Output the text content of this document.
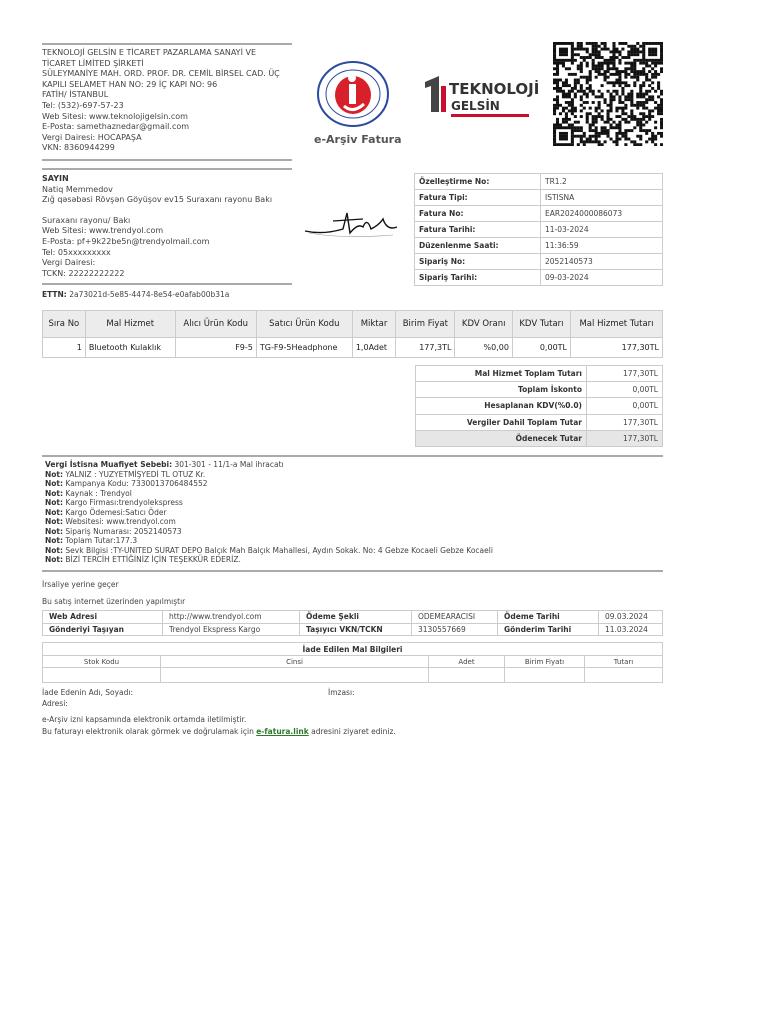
TEKNOLOJİ GELSİN E TİCARET PAZARLAMA SANAYİ VE TİCARET LİMİTED ŞİRKETİ
SÜLEYMANİYE MAH. ORD. PROF. DR. CEMİL BİRSEL CAD. ÜÇ
KAPILI SELAMET HAN NO: 29 İÇ KAPI NO: 96
FATİH/ İSTANBUL
Tel: (532)-697-57-23
Web Sitesi: www.teknolojigelsin.com
E-Posta: samethaznedar@gmail.com
Vergi Dairesi: HOCAPAŞA
VKN: 8360944299
e-Arşiv Fatura
TEKNOLOJİ
GELSİN
SAYIN
Natiq Memmedov
Zığ qəsəbəsi Rövşən Göyüşov ev15 Suraxanı rayonu Bakı
Suraxanı rayonu/ Bakı
Web Sitesi: www.trendyol.com
E-Posta: pf+9k22be5n@trendyolmail.com
Tel: 05xxxxxxxxx
Vergi Dairesi:
TCKN: 22222222222
Özelleştirme No:	TR1.2
Fatura Tipi:	ISTISNA
Fatura No:	EAR2024000086073
Fatura Tarihi:	11-03-2024
Düzenlenme Saati:	11:36:59
Sipariş No:	2052140573
Sipariş Tarihi:	09-03-2024
ETTN: 2a73021d-5e85-4474-8e54-e0afab00b31a
Sıra No	Mal Hizmet	Alıcı Ürün Kodu	Satıcı Ürün Kodu	Miktar	Birim Fiyat	KDV Oranı	KDV Tutarı	Mal Hizmet Tutarı
1	Bluetooth Kulaklık	F9-5	TG-F9-5Headphone	1,0Adet	177,3TL	%0,00	0,00TL	177,30TL
Mal Hizmet Toplam Tutarı	177,30TL
Toplam İskonto	0,00TL
Hesaplanan KDV(%0.0)	0,00TL
Vergiler Dahil Toplam Tutar	177,30TL
Ödenecek Tutar	177,30TL
Vergi İstisna Muafiyet Sebebi: 301-301 - 11/1-a Mal ihracatı
Not: YALNIZ : YUZYETMİŞYEDİ TL OTUZ Kr.
Not: Kampanya Kodu: 7330013706484552
Not: Kaynak : Trendyol
Not: Kargo Firması:trendyolekspress
Not: Kargo Ödemesi:Satıcı Öder
Not: Websitesi: www.trendyol.com
Not: Sipariş Numarası: 2052140573
Not: Toplam Tutar:177.3
Not: Sevk Bilgisi :TY-UNITED SURAT DEPO Balçık Mah Balçık Mahallesi, Aydın Sokak. No: 4 Gebze Kocaeli Gebze Kocaeli
Not: BİZİ TERCİH ETTİĞİNİZ İÇİN TEŞEKKÜR EDERİZ.
İrsaliye yerine geçer
Bu satış internet üzerinden yapılmıştır
Web Adresi	http://www.trendyol.com	Ödeme Şekli	ODEMEARACISI	Ödeme Tarihi	09.03.2024
Gönderiyi Taşıyan	Trendyol Ekspress Kargo	Taşıyıcı VKN/TCKN	3130557669	Gönderim Tarihi	11.03.2024
İade Edilen Mal Bilgileri				
Stok Kodu	Cinsi	Adet	Birim Fiyatı	Tutarı

İade Edenin Adı, Soyadı:	İmzası:
Adresi:
e-Arşiv izni kapsamında elektronik ortamda iletilmiştir.
Bu faturayı elektronik olarak görmek ve doğrulamak için e-fatura.link adresini ziyaret ediniz.
